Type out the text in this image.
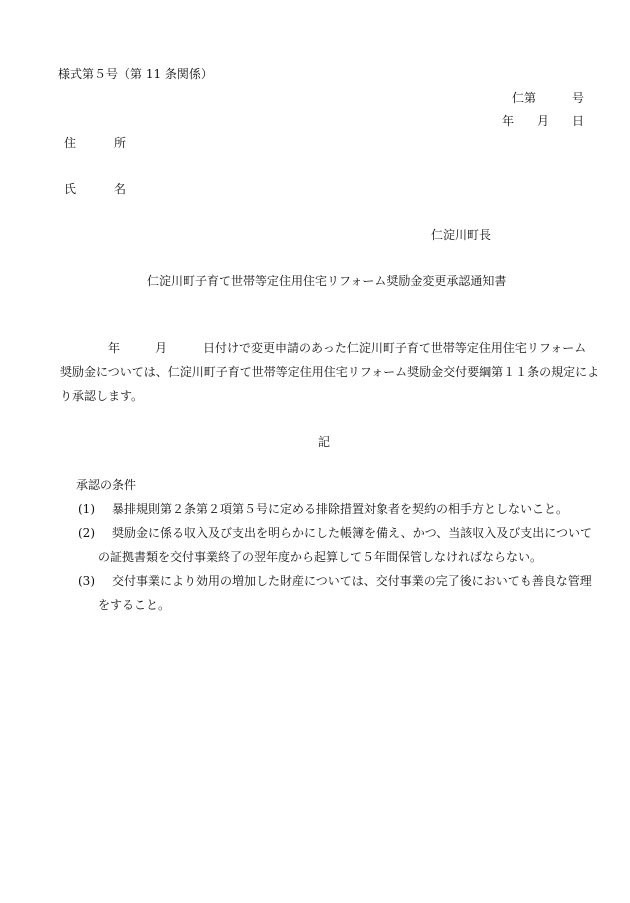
様式第５号（第 11 条関係）
仁第	号
年 月 日
住	所
氏	名
仁淀川町長
仁淀川町子育て世帯等定住用住宅リフォーム奨励金変更承認通知書
年	月	日付けで変更申請のあった仁淀川町子育て世帯等定住用住宅リフォーム
奨励金については、仁淀川町子育て世帯等定住用住宅リフォーム奨励金交付要綱第１１条の規定によ
り承認します。
記
承認の条件
(1) 暴排規則第２条第２項第５号に定める排除措置対象者を契約の相手方としないこと。
(2) 奨励金に係る収入及び支出を明らかにした帳簿を備え、かつ、当該収入及び支出について
の証拠書類を交付事業終了の翌年度から起算して５年間保管しなければならない。
(3) 交付事業により効用の増加した財産については、交付事業の完了後においても善良な管理
をすること。
